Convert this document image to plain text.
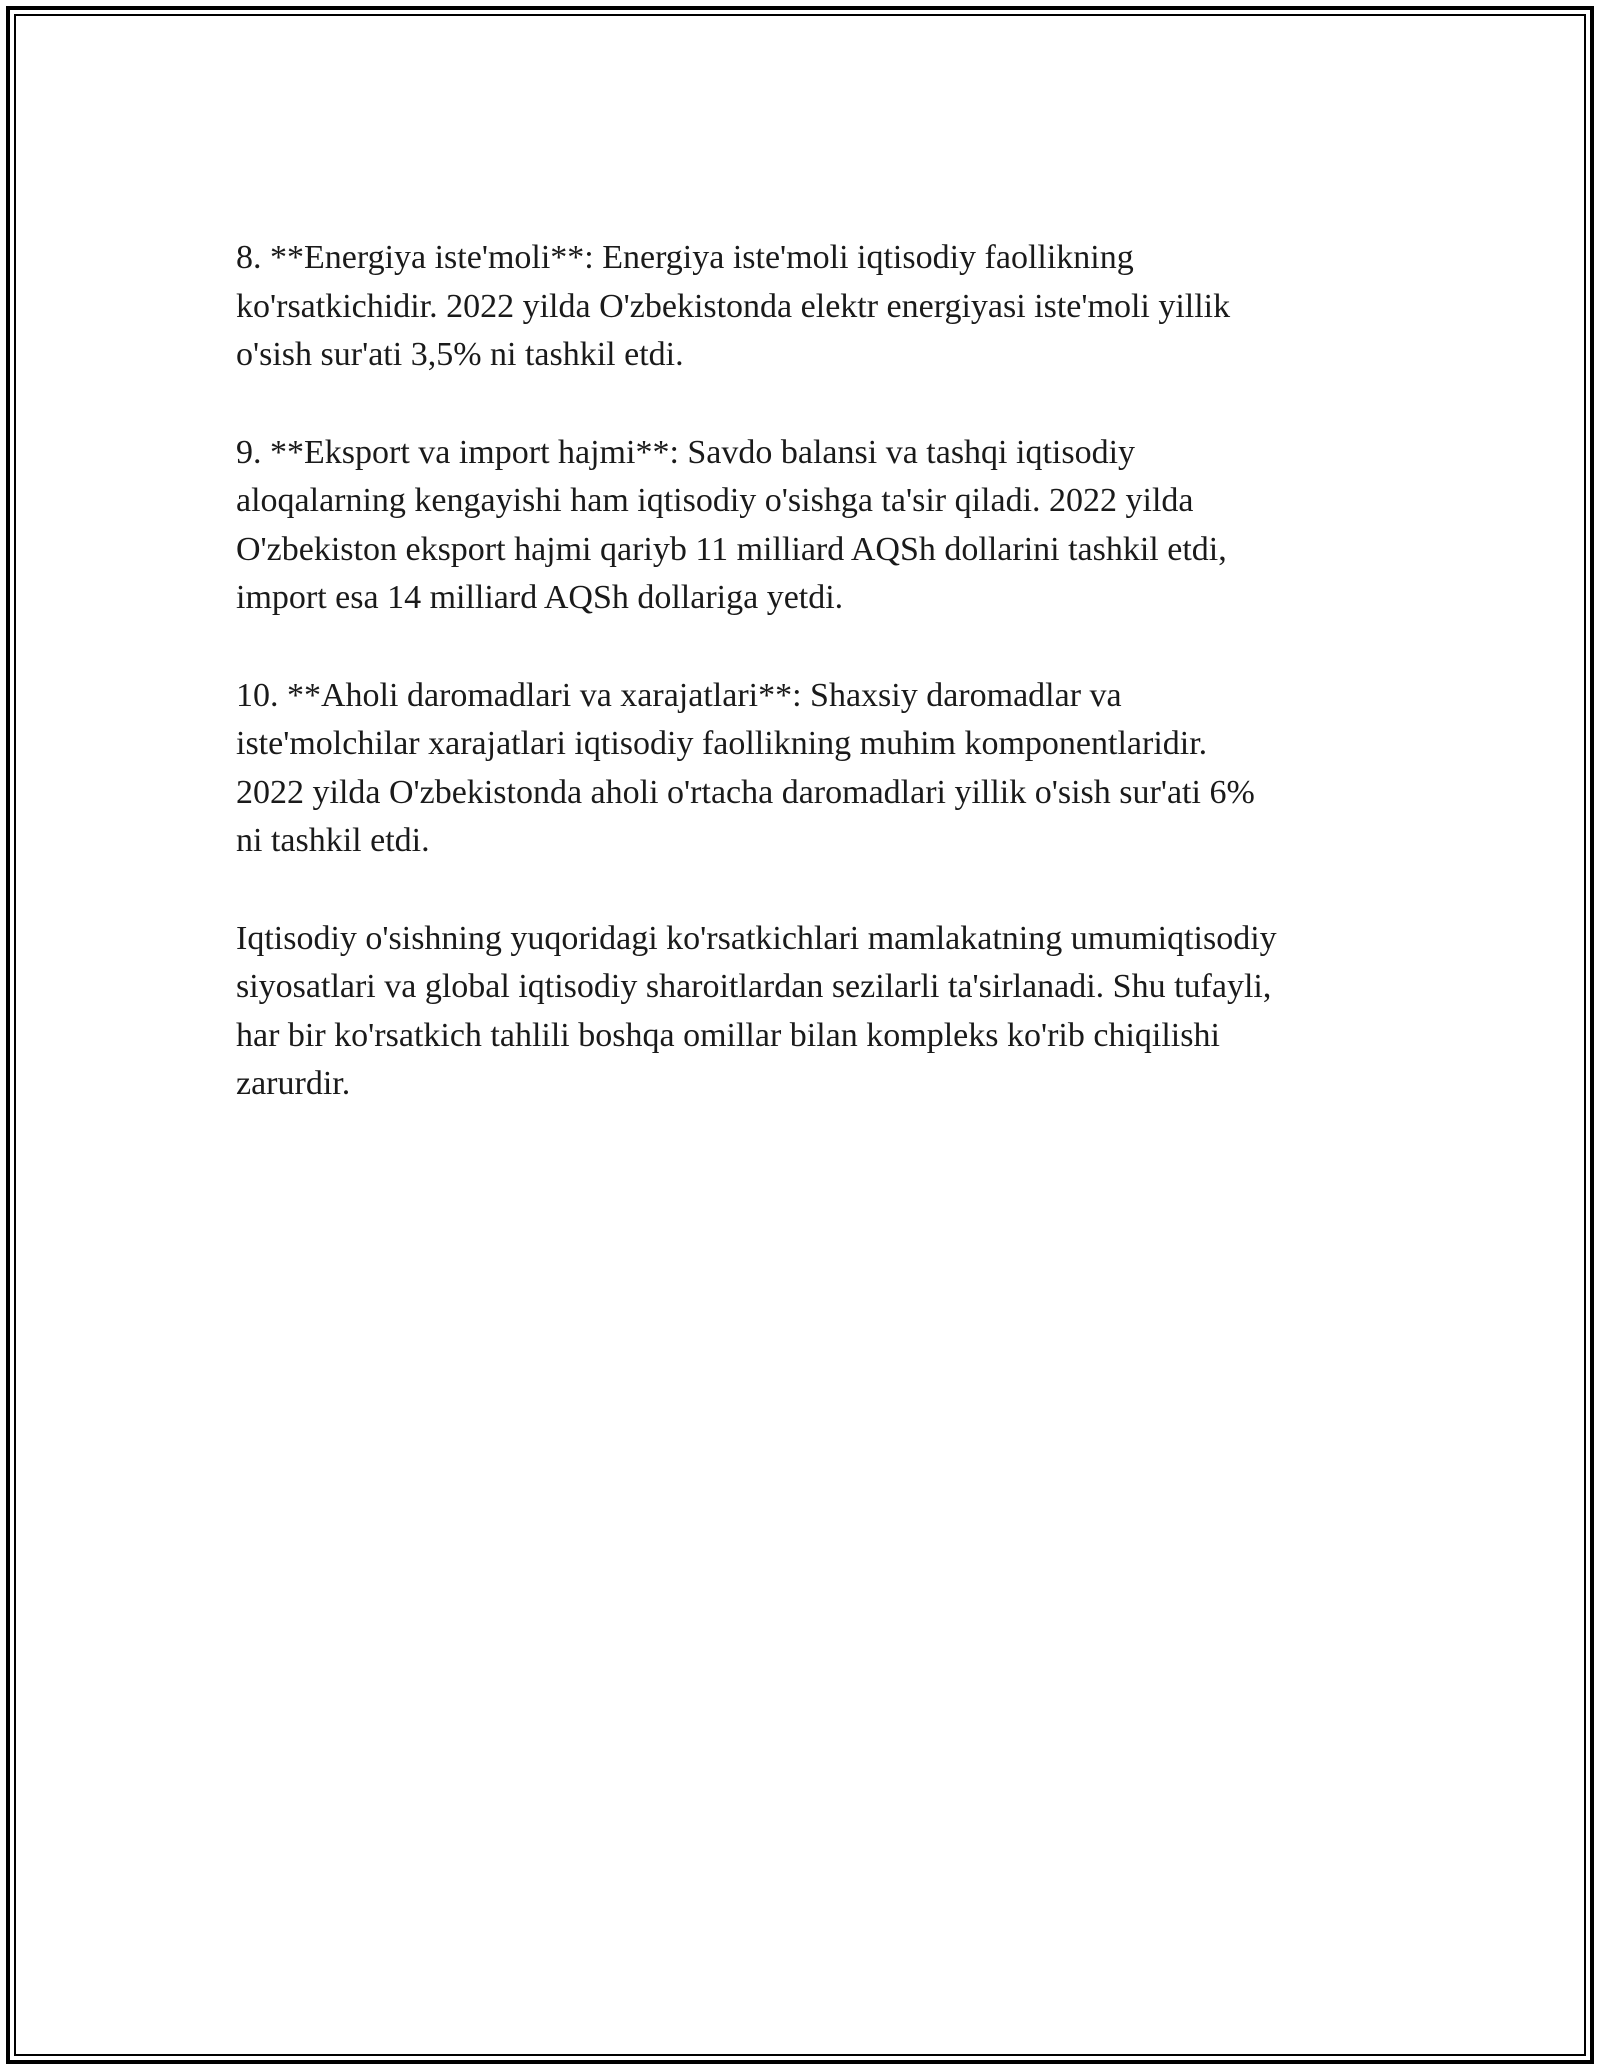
8. **Energiya iste'moli**: Energiya iste'moli iqtisodiy faollikning
ko'rsatkichidir. 2022 yilda O'zbekistonda elektr energiyasi iste'moli yillik
o'sish sur'ati 3,5% ni tashkil etdi.

9. **Eksport va import hajmi**: Savdo balansi va tashqi iqtisodiy
aloqalarning kengayishi ham iqtisodiy o'sishga ta'sir qiladi. 2022 yilda
O'zbekiston eksport hajmi qariyb 11 milliard AQSh dollarini tashkil etdi,
import esa 14 milliard AQSh dollariga yetdi.

10. **Aholi daromadlari va xarajatlari**: Shaxsiy daromadlar va
iste'molchilar xarajatlari iqtisodiy faollikning muhim komponentlaridir.
2022 yilda O'zbekistonda aholi o'rtacha daromadlari yillik o'sish sur'ati 6%
ni tashkil etdi.

Iqtisodiy o'sishning yuqoridagi ko'rsatkichlari mamlakatning umumiqtisodiy
siyosatlari va global iqtisodiy sharoitlardan sezilarli ta'sirlanadi. Shu tufayli,
har bir ko'rsatkich tahlili boshqa omillar bilan kompleks ko'rib chiqilishi
zarurdir.
